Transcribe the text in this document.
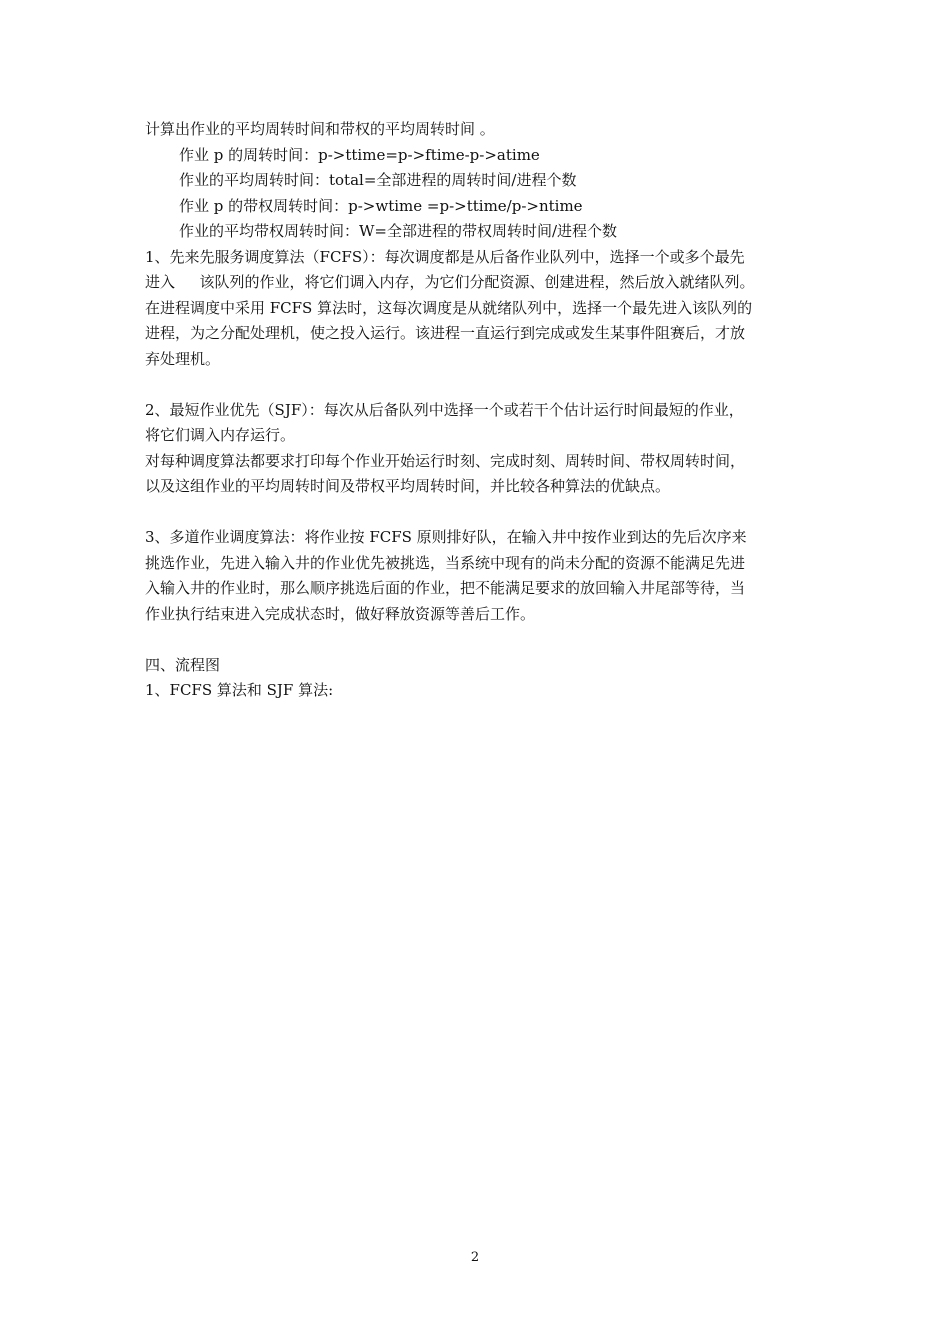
计算出作业的平均周转时间和带权的平均周转时间 。
作业 p 的周转时间：p->ttime=p->ftime-p->atime
作业的平均周转时间：total=全部进程的周转时间/进程个数
作业 p 的带权周转时间：p->wtime =p->ttime/p->ntime
作业的平均带权周转时间：W=全部进程的带权周转时间/进程个数
1、先来先服务调度算法（FCFS）：每次调度都是从后备作业队列中，选择一个或多个最先
进入 　 该队列的作业，将它们调入内存，为它们分配资源、创建进程，然后放入就绪队列。
在进程调度中采用 FCFS 算法时，这每次调度是从就绪队列中，选择一个最先进入该队列的
进程，为之分配处理机，使之投入运行。该进程一直运行到完成或发生某事件阻赛后，才放
弃处理机。
2、最短作业优先（SJF）：每次从后备队列中选择一个或若干个估计运行时间最短的作业，
将它们调入内存运行。
对每种调度算法都要求打印每个作业开始运行时刻、完成时刻、周转时间、带权周转时间，
以及这组作业的平均周转时间及带权平均周转时间，并比较各种算法的优缺点。
3、多道作业调度算法：将作业按 FCFS 原则排好队，在输入井中按作业到达的先后次序来
挑选作业，先进入输入井的作业优先被挑选，当系统中现有的尚未分配的资源不能满足先进
入输入井的作业时，那么顺序挑选后面的作业，把不能满足要求的放回输入井尾部等待，当
作业执行结束进入完成状态时，做好释放资源等善后工作。
四、流程图
1、FCFS 算法和 SJF 算法:
2
